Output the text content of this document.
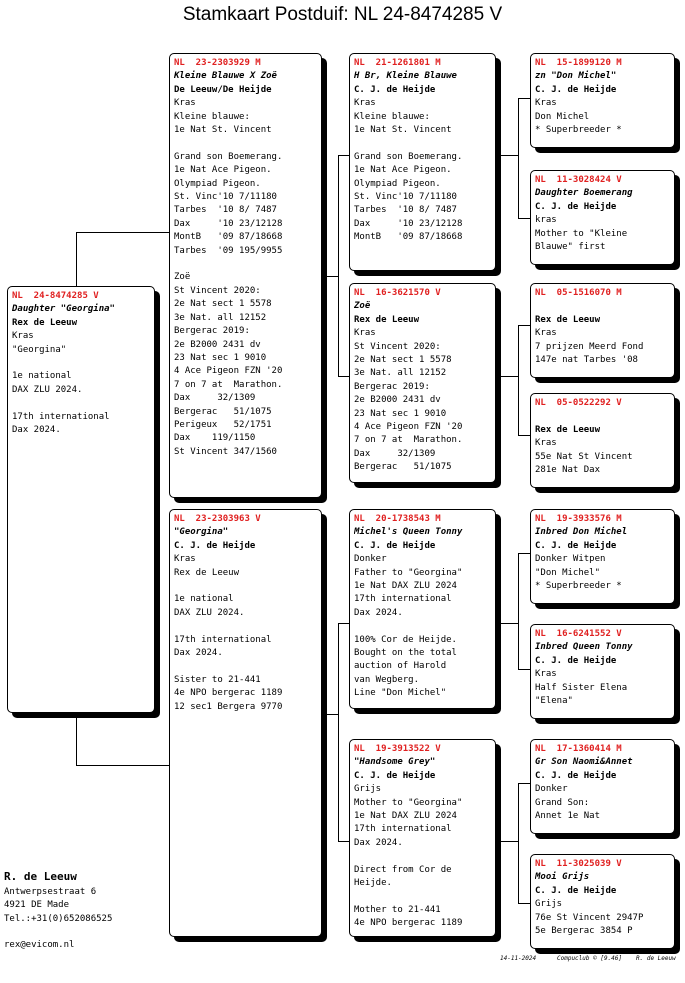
Stamkaart Postduif: NL 24-8474285 V
NL  24-8474285 V
Daughter "Georgina"
Rex de Leeuw
Kras
"Georgina"
1e national
DAX ZLU 2024.
17th international
Dax 2024.
NL  23-2303929 M
Kleine Blauwe X Zoë
De Leeuw/De Heijde
Kras
Kleine blauwe:
1e Nat St. Vincent
Grand son Boemerang.
1e Nat Ace Pigeon.
Olympiad Pigeon.
St. Vinc'10 7/11180
Tarbes  '10 8/ 7487
Dax     '10 23/12128
MontB   '09 87/18668
Tarbes  '09 195/9955
Zoë
St Vincent 2020:
2e Nat sect 1 5578
3e Nat. all 12152
Bergerac 2019:
2e B2000 2431 dv
23 Nat sec 1 9010
4 Ace Pigeon FZN '20
7 on 7 at  Marathon.
Dax     32/1309
Bergerac   51/1075
Perigeux   52/1751
Dax    119/1150
St Vincent 347/1560
NL  23-2303963 V
"Georgina"
C. J. de Heijde
Kras
Rex de Leeuw
1e national
DAX ZLU 2024.
17th international
Dax 2024.
Sister to 21-441
4e NPO bergerac 1189
12 sec1 Bergera 9770
NL  21-1261801 M
H Br, Kleine Blauwe
C. J. de Heijde
Kras
Kleine blauwe:
1e Nat St. Vincent
Grand son Boemerang.
1e Nat Ace Pigeon.
Olympiad Pigeon.
St. Vinc'10 7/11180
Tarbes  '10 8/ 7487
Dax     '10 23/12128
MontB   '09 87/18668
NL  16-3621570 V
Zoë
Rex de Leeuw
Kras
St Vincent 2020:
2e Nat sect 1 5578
3e Nat. all 12152
Bergerac 2019:
2e B2000 2431 dv
23 Nat sec 1 9010
4 Ace Pigeon FZN '20
7 on 7 at  Marathon.
Dax     32/1309
Bergerac   51/1075
NL  20-1738543 M
Michel's Queen Tonny
C. J. de Heijde
Donker
Father to "Georgina"
1e Nat DAX ZLU 2024
17th international
Dax 2024.
100% Cor de Heijde.
Bought on the total
auction of Harold
van Wegberg.
Line "Don Michel"
NL  19-3913522 V
"Handsome Grey"
C. J. de Heijde
Grijs
Mother to "Georgina"
1e Nat DAX ZLU 2024
17th international
Dax 2024.
Direct from Cor de
Heijde.
Mother to 21-441
4e NPO bergerac 1189
NL  15-1899120 M
zn "Don Michel"
C. J. de Heijde
Kras
Don Michel
* Superbreeder *
NL  11-3028424 V
Daughter Boemerang
C. J. de Heijde
kras
Mother to "Kleine
Blauwe" first
NL  05-1516070 M
Rex de Leeuw
Kras
7 prijzen Meerd Fond
147e nat Tarbes '08
NL  05-0522292 V
Rex de Leeuw
Kras
55e Nat St Vincent
281e Nat Dax
NL  19-3933576 M
Inbred Don Michel
C. J. de Heijde
Donker Witpen
"Don Michel"
* Superbreeder *
NL  16-6241552 V
Inbred Queen Tonny
C. J. de Heijde
Kras
Half Sister Elena
"Elena"
NL  17-1360414 M
Gr Son Naomi&Annet
C. J. de Heijde
Donker
Grand Son:
Annet 1e Nat
NL  11-3025039 V
Mooi Grijs
C. J. de Heijde
Grijs
76e St Vincent 2947P
5e Bergerac 3854 P
R. de Leeuw
Antwerpsestraat 6
4921 DE Made
Tel.:+31(0)652086525
rex@evicom.nl
14-11-2024	Compuclub © [9.46] R. de Leeuw
